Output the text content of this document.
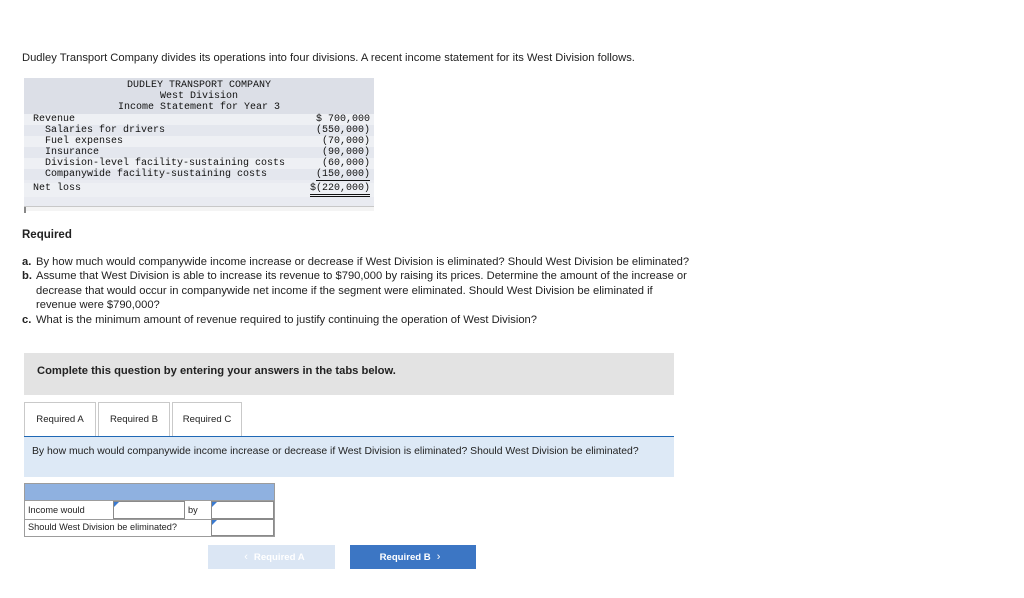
Dudley Transport Company divides its operations into four divisions. A recent income statement for its West Division follows.
DUDLEY TRANSPORT COMPANY
West Division
Income Statement for Year 3
Revenue	$ 700,000
Salaries for drivers	(550,000)
Fuel expenses	(70,000)
Insurance	(90,000)
Division-level facility-sustaining costs	(60,000)
Companywide facility-sustaining costs	(150,000)
Net loss	$(220,000)
Required
a. By how much would companywide income increase or decrease if West Division is eliminated? Should West Division be eliminated?
b. Assume that West Division is able to increase its revenue to $790,000 by raising its prices. Determine the amount of the increase or
decrease that would occur in companywide net income if the segment were eliminated. Should West Division be eliminated if
revenue were $790,000?
c. What is the minimum amount of revenue required to justify continuing the operation of West Division?
Complete this question by entering your answers in the tabs below.
Required A	Required B	Required C
By how much would companywide income increase or decrease if West Division is eliminated? Should West Division be eliminated?
Income would	by
Should West Division be eliminated?
‹ Required A	Required B ›
